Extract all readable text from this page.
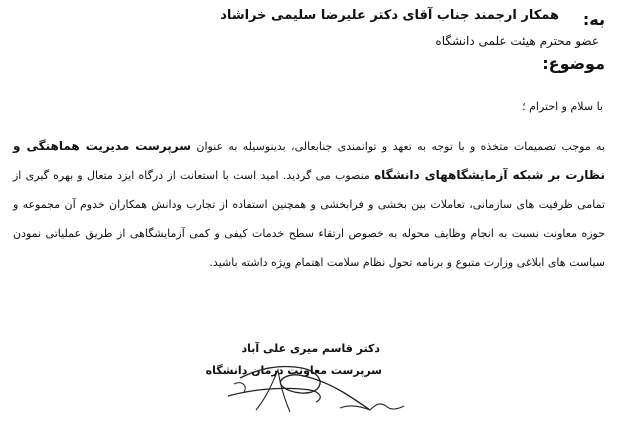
به:
همکار ارجمند جناب آقای دکتر علیرضا سلیمی خراشاد
عضو محترم هیئت علمی دانشگاه
موضوع:
با سلام و احترام ؛
به موجب تصمیمات متخذه و با توجه به تعهد و توانمندی جنابعالی، بدینوسیله به عنوان سرپرست مدیریت هماهنگی و نظارت بر شبکه آزمایشگاههای دانشگاه منصوب می گردید. امید است با استعانت از درگاه ایزد متعال و بهره گیری از تمامی ظرفیت های سازمانی، تعاملات بین بخشی و فرابخشی و همچنین استفاده از تجارب ودانش همکاران خدوم آن مجموعه و حوزه معاونت نسبت به انجام وظایف محوله به خصوص ارتقاء سطح خدمات کیفی و کمی آزمایشگاهی از طریق عملیاتی نمودن سیاست های ابلاغی وزارت متبوع و برنامه تحول نظام سلامت اهتمام ویژه داشته باشید.
دکتر قاسم میری علی آباد
سرپرست معاونت درمان دانشگاه
